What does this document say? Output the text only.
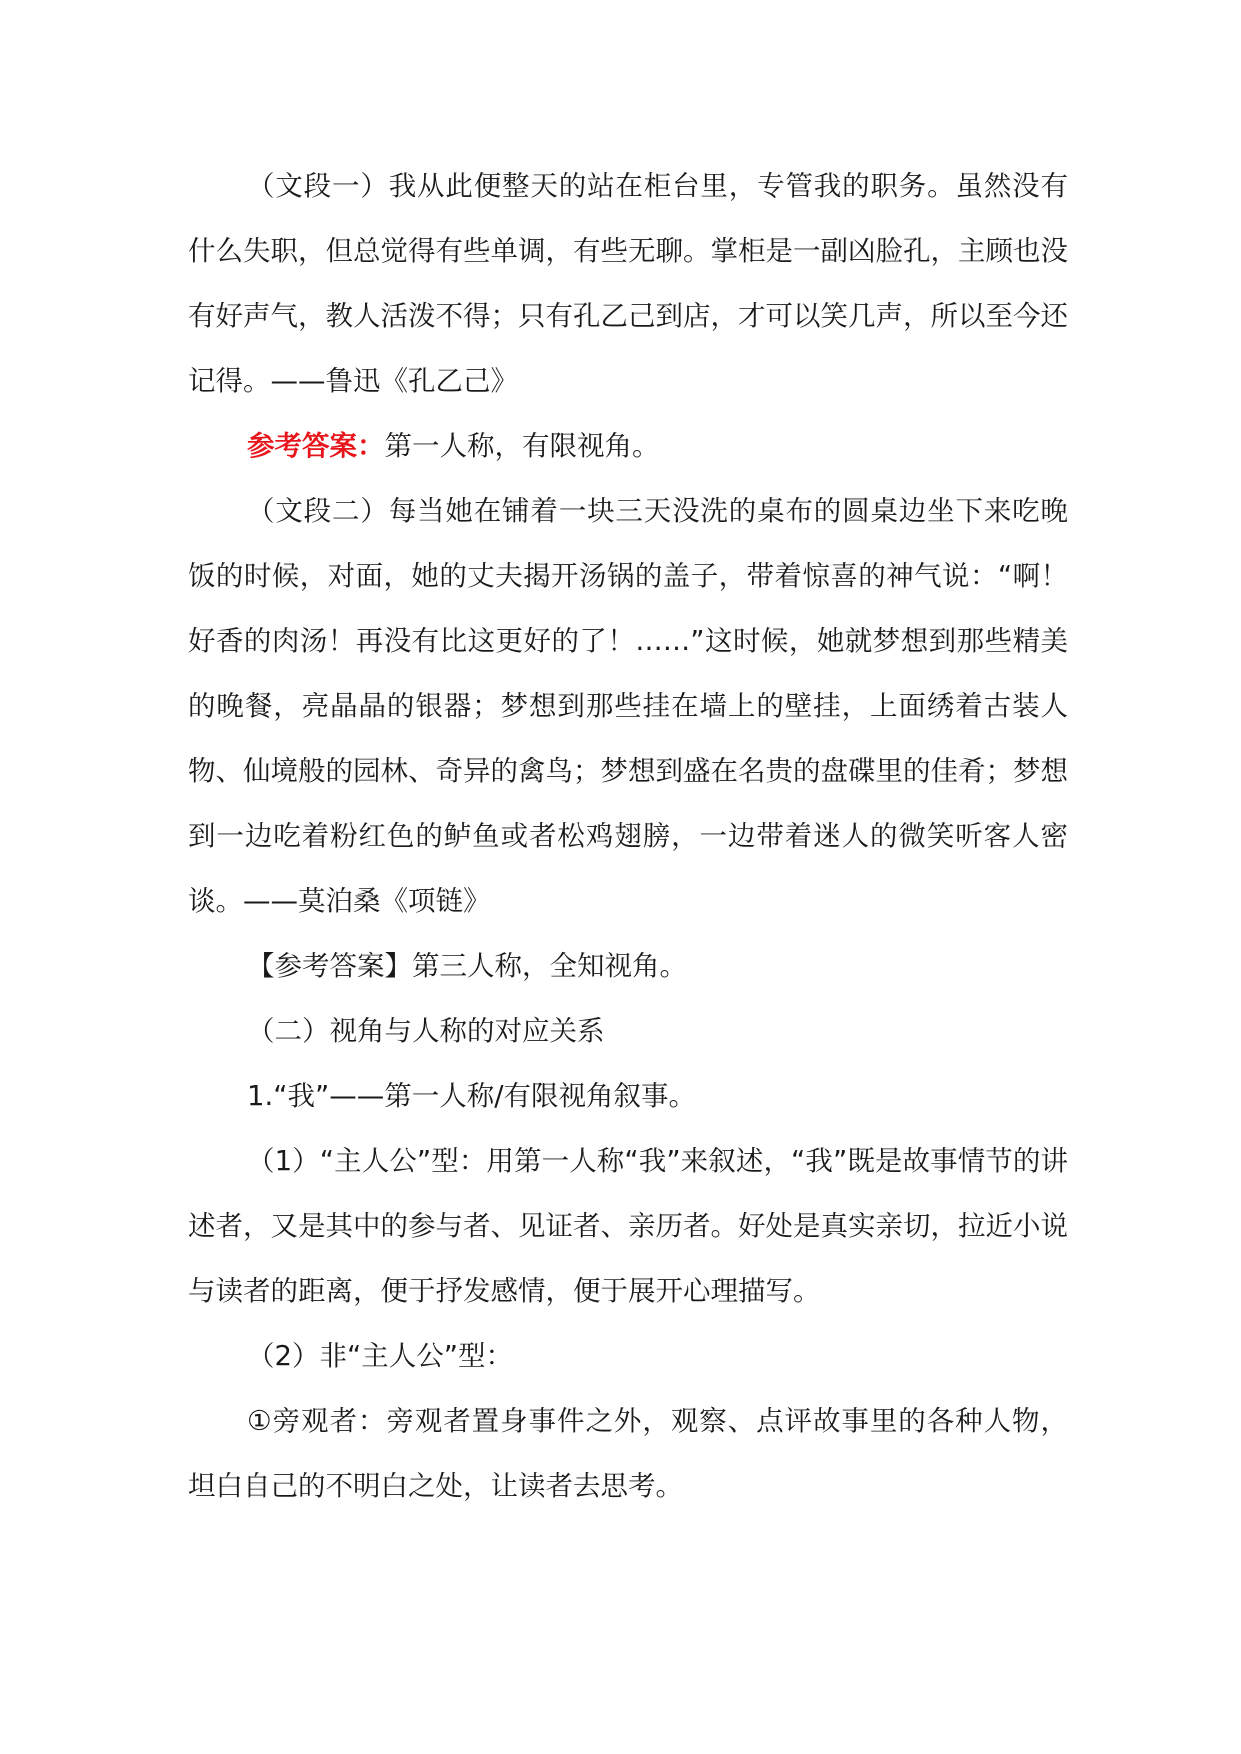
（文段一）我从此便整天的站在柜台里，专管我的职务。虽然没有什么失职，但总觉得有些单调，有些无聊。掌柜是一副凶脸孔，主顾也没有好声气，教人活泼不得；只有孔乙己到店，才可以笑几声，所以至今还记得。——鲁迅《孔乙己》

参考答案：第一人称，有限视角。

（文段二）每当她在铺着一块三天没洗的桌布的圆桌边坐下来吃晚饭的时候，对面，她的丈夫揭开汤锅的盖子，带着惊喜的神气说：“啊！好香的肉汤！再没有比这更好的了！……”这时候，她就梦想到那些精美的晚餐，亮晶晶的银器；梦想到那些挂在墙上的壁挂，上面绣着古装人物、仙境般的园林、奇异的禽鸟；梦想到盛在名贵的盘碟里的佳肴；梦想到一边吃着粉红色的鲈鱼或者松鸡翅膀，一边带着迷人的微笑听客人密谈。——莫泊桑《项链》

【参考答案】第三人称，全知视角。

（二）视角与人称的对应关系

1.“我”——第一人称/有限视角叙事。

（1）“主人公”型：用第一人称“我”来叙述，“我”既是故事情节的讲述者，又是其中的参与者、见证者、亲历者。好处是真实亲切，拉近小说与读者的距离，便于抒发感情，便于展开心理描写。

（2）非“主人公”型：

①旁观者：旁观者置身事件之外，观察、点评故事里的各种人物，坦白自己的不明白之处，让读者去思考。
